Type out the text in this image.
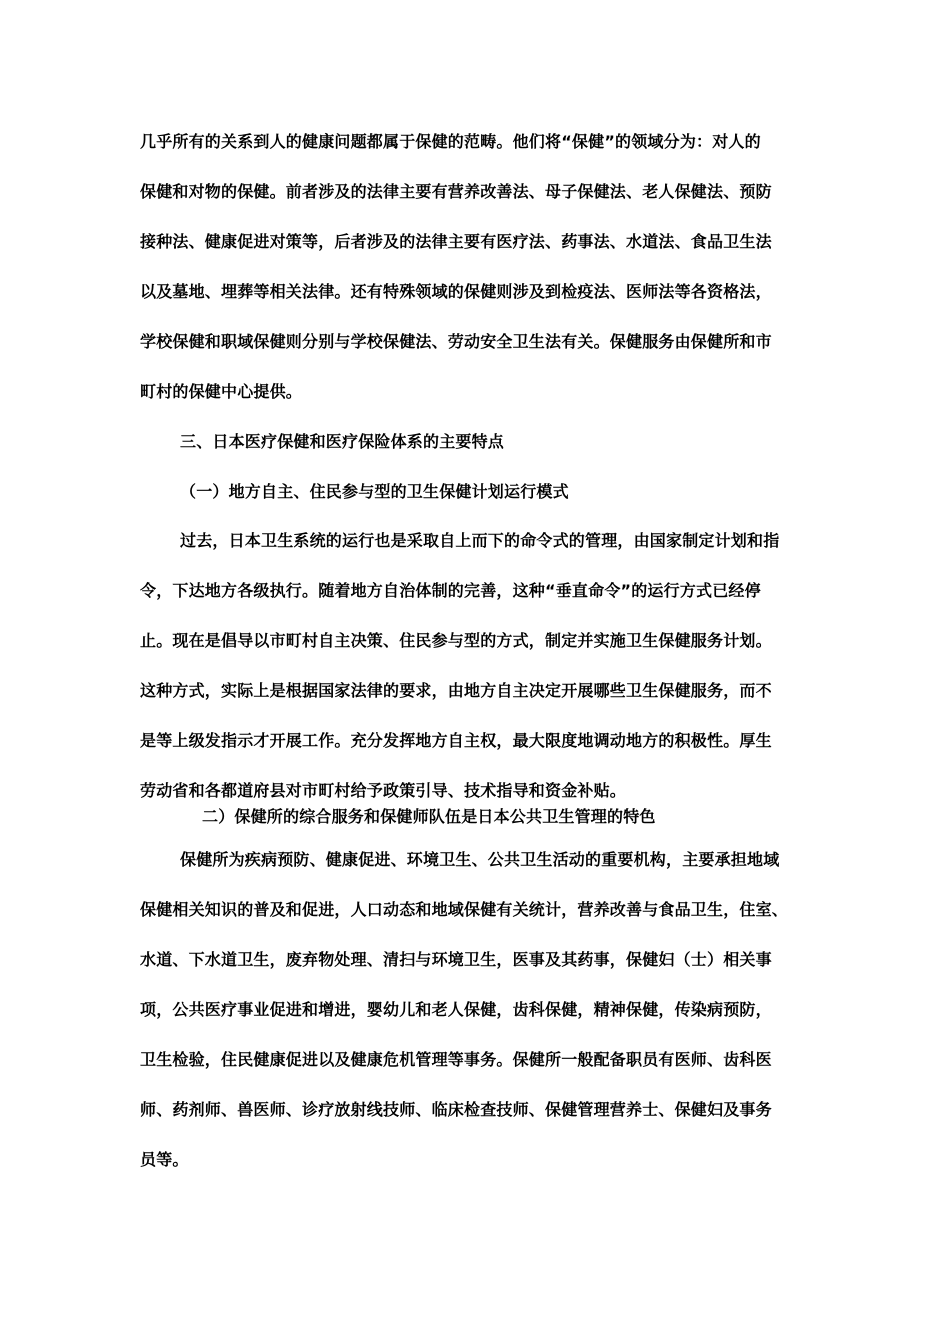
几乎所有的关系到人的健康问题都属于保健的范畴。他们将“保健”的领域分为：对人的
保健和对物的保健。前者涉及的法律主要有营养改善法、母子保健法、老人保健法、预防
接种法、健康促进对策等，后者涉及的法律主要有医疗法、药事法、水道法、食品卫生法
以及墓地、埋葬等相关法律。还有特殊领域的保健则涉及到检疫法、医师法等各资格法，
学校保健和职域保健则分别与学校保健法、劳动安全卫生法有关。保健服务由保健所和市
町村的保健中心提供。
三、日本医疗保健和医疗保险体系的主要特点
（一）地方自主、住民参与型的卫生保健计划运行模式
过去，日本卫生系统的运行也是采取自上而下的命令式的管理，由国家制定计划和指
令，下达地方各级执行。随着地方自治体制的完善，这种“垂直命令”的运行方式已经停
止。现在是倡导以市町村自主决策、住民参与型的方式，制定并实施卫生保健服务计划。
这种方式，实际上是根据国家法律的要求，由地方自主决定开展哪些卫生保健服务，而不
是等上级发指示才开展工作。充分发挥地方自主权，最大限度地调动地方的积极性。厚生
劳动省和各都道府县对市町村给予政策引导、技术指导和资金补贴。
二）保健所的综合服务和保健师队伍是日本公共卫生管理的特色
保健所为疾病预防、健康促进、环境卫生、公共卫生活动的重要机构，主要承担地域
保健相关知识的普及和促进，人口动态和地域保健有关统计，营养改善与食品卫生，住室、
水道、下水道卫生，废弃物处理、清扫与环境卫生，医事及其药事，保健妇（士）相关事
项，公共医疗事业促进和增进，婴幼儿和老人保健，齿科保健，精神保健，传染病预防，
卫生检验，住民健康促进以及健康危机管理等事务。保健所一般配备职员有医师、齿科医
师、药剂师、兽医师、诊疗放射线技师、临床检查技师、保健管理营养士、保健妇及事务
员等。
